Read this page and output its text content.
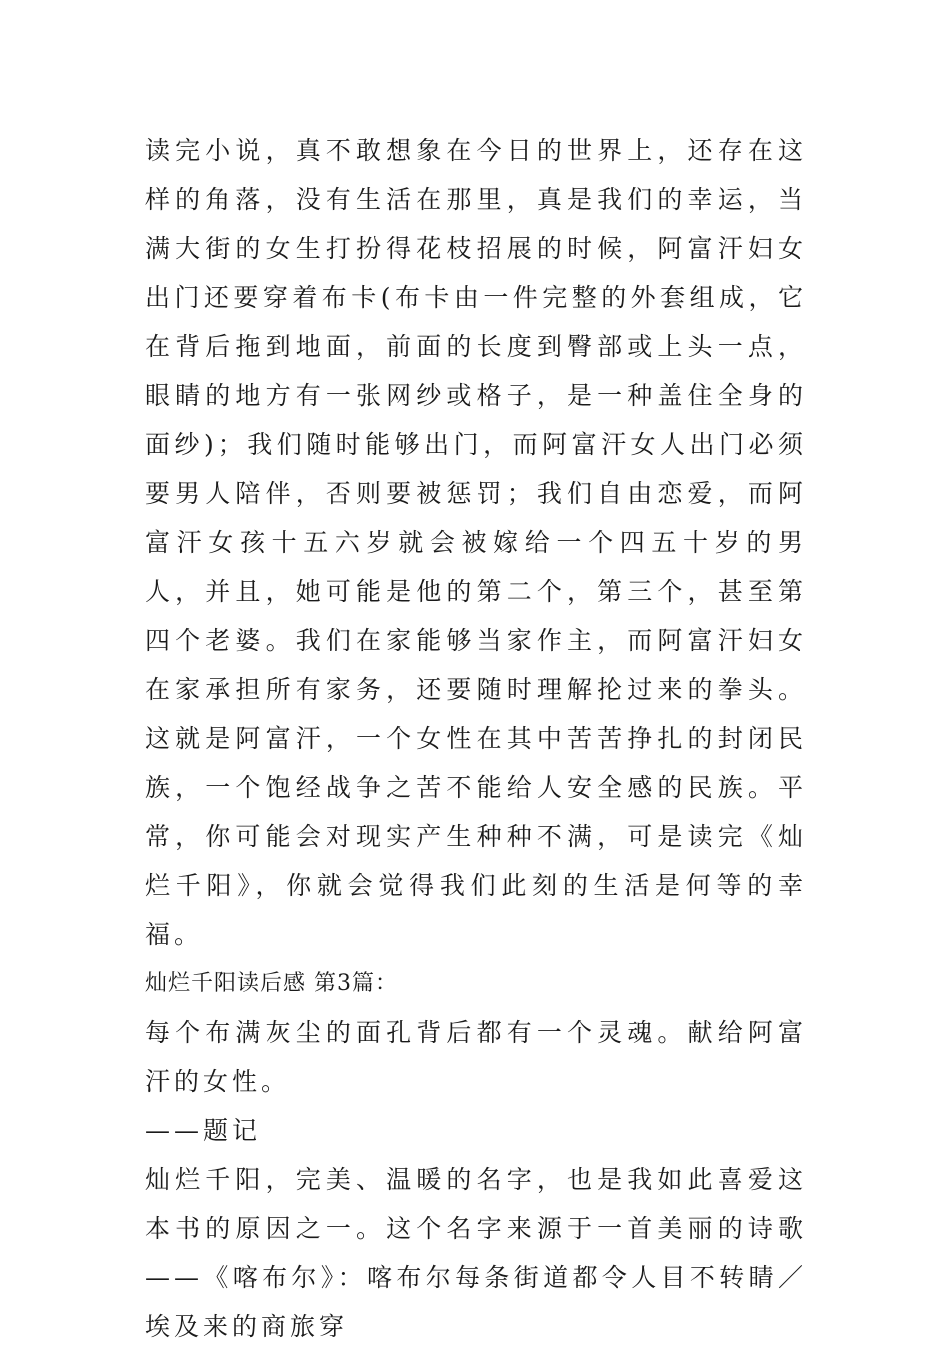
读完小说，真不敢想象在今日的世界上，还存在这样的角落，没有生活在那里，真是我们的幸运，当满大街的女生打扮得花枝招展的时候，阿富汗妇女出门还要穿着布卡(布卡由一件完整的外套组成，它在背后拖到地面，前面的长度到臀部或上头一点，眼睛的地方有一张网纱或格子，是一种盖住全身的面纱)；我们随时能够出门，而阿富汗女人出门必须要男人陪伴，否则要被惩罚；我们自由恋爱，而阿富汗女孩十五六岁就会被嫁给一个四五十岁的男人，并且，她可能是他的第二个，第三个，甚至第四个老婆。我们在家能够当家作主，而阿富汗妇女在家承担所有家务，还要随时理解抡过来的拳头。这就是阿富汗，一个女性在其中苦苦挣扎的封闭民族，一个饱经战争之苦不能给人安全感的民族。平常，你可能会对现实产生种种不满，可是读完《灿烂千阳》，你就会觉得我们此刻的生活是何等的幸福。

灿烂千阳读后感 第3篇：

每个布满灰尘的面孔背后都有一个灵魂。献给阿富汗的女性。

——题记

灿烂千阳，完美、温暖的名字，也是我如此喜爱这本书的原因之一。这个名字来源于一首美丽的诗歌——《喀布尔》：喀布尔每条街道都令人目不转睛／埃及来的商旅穿
